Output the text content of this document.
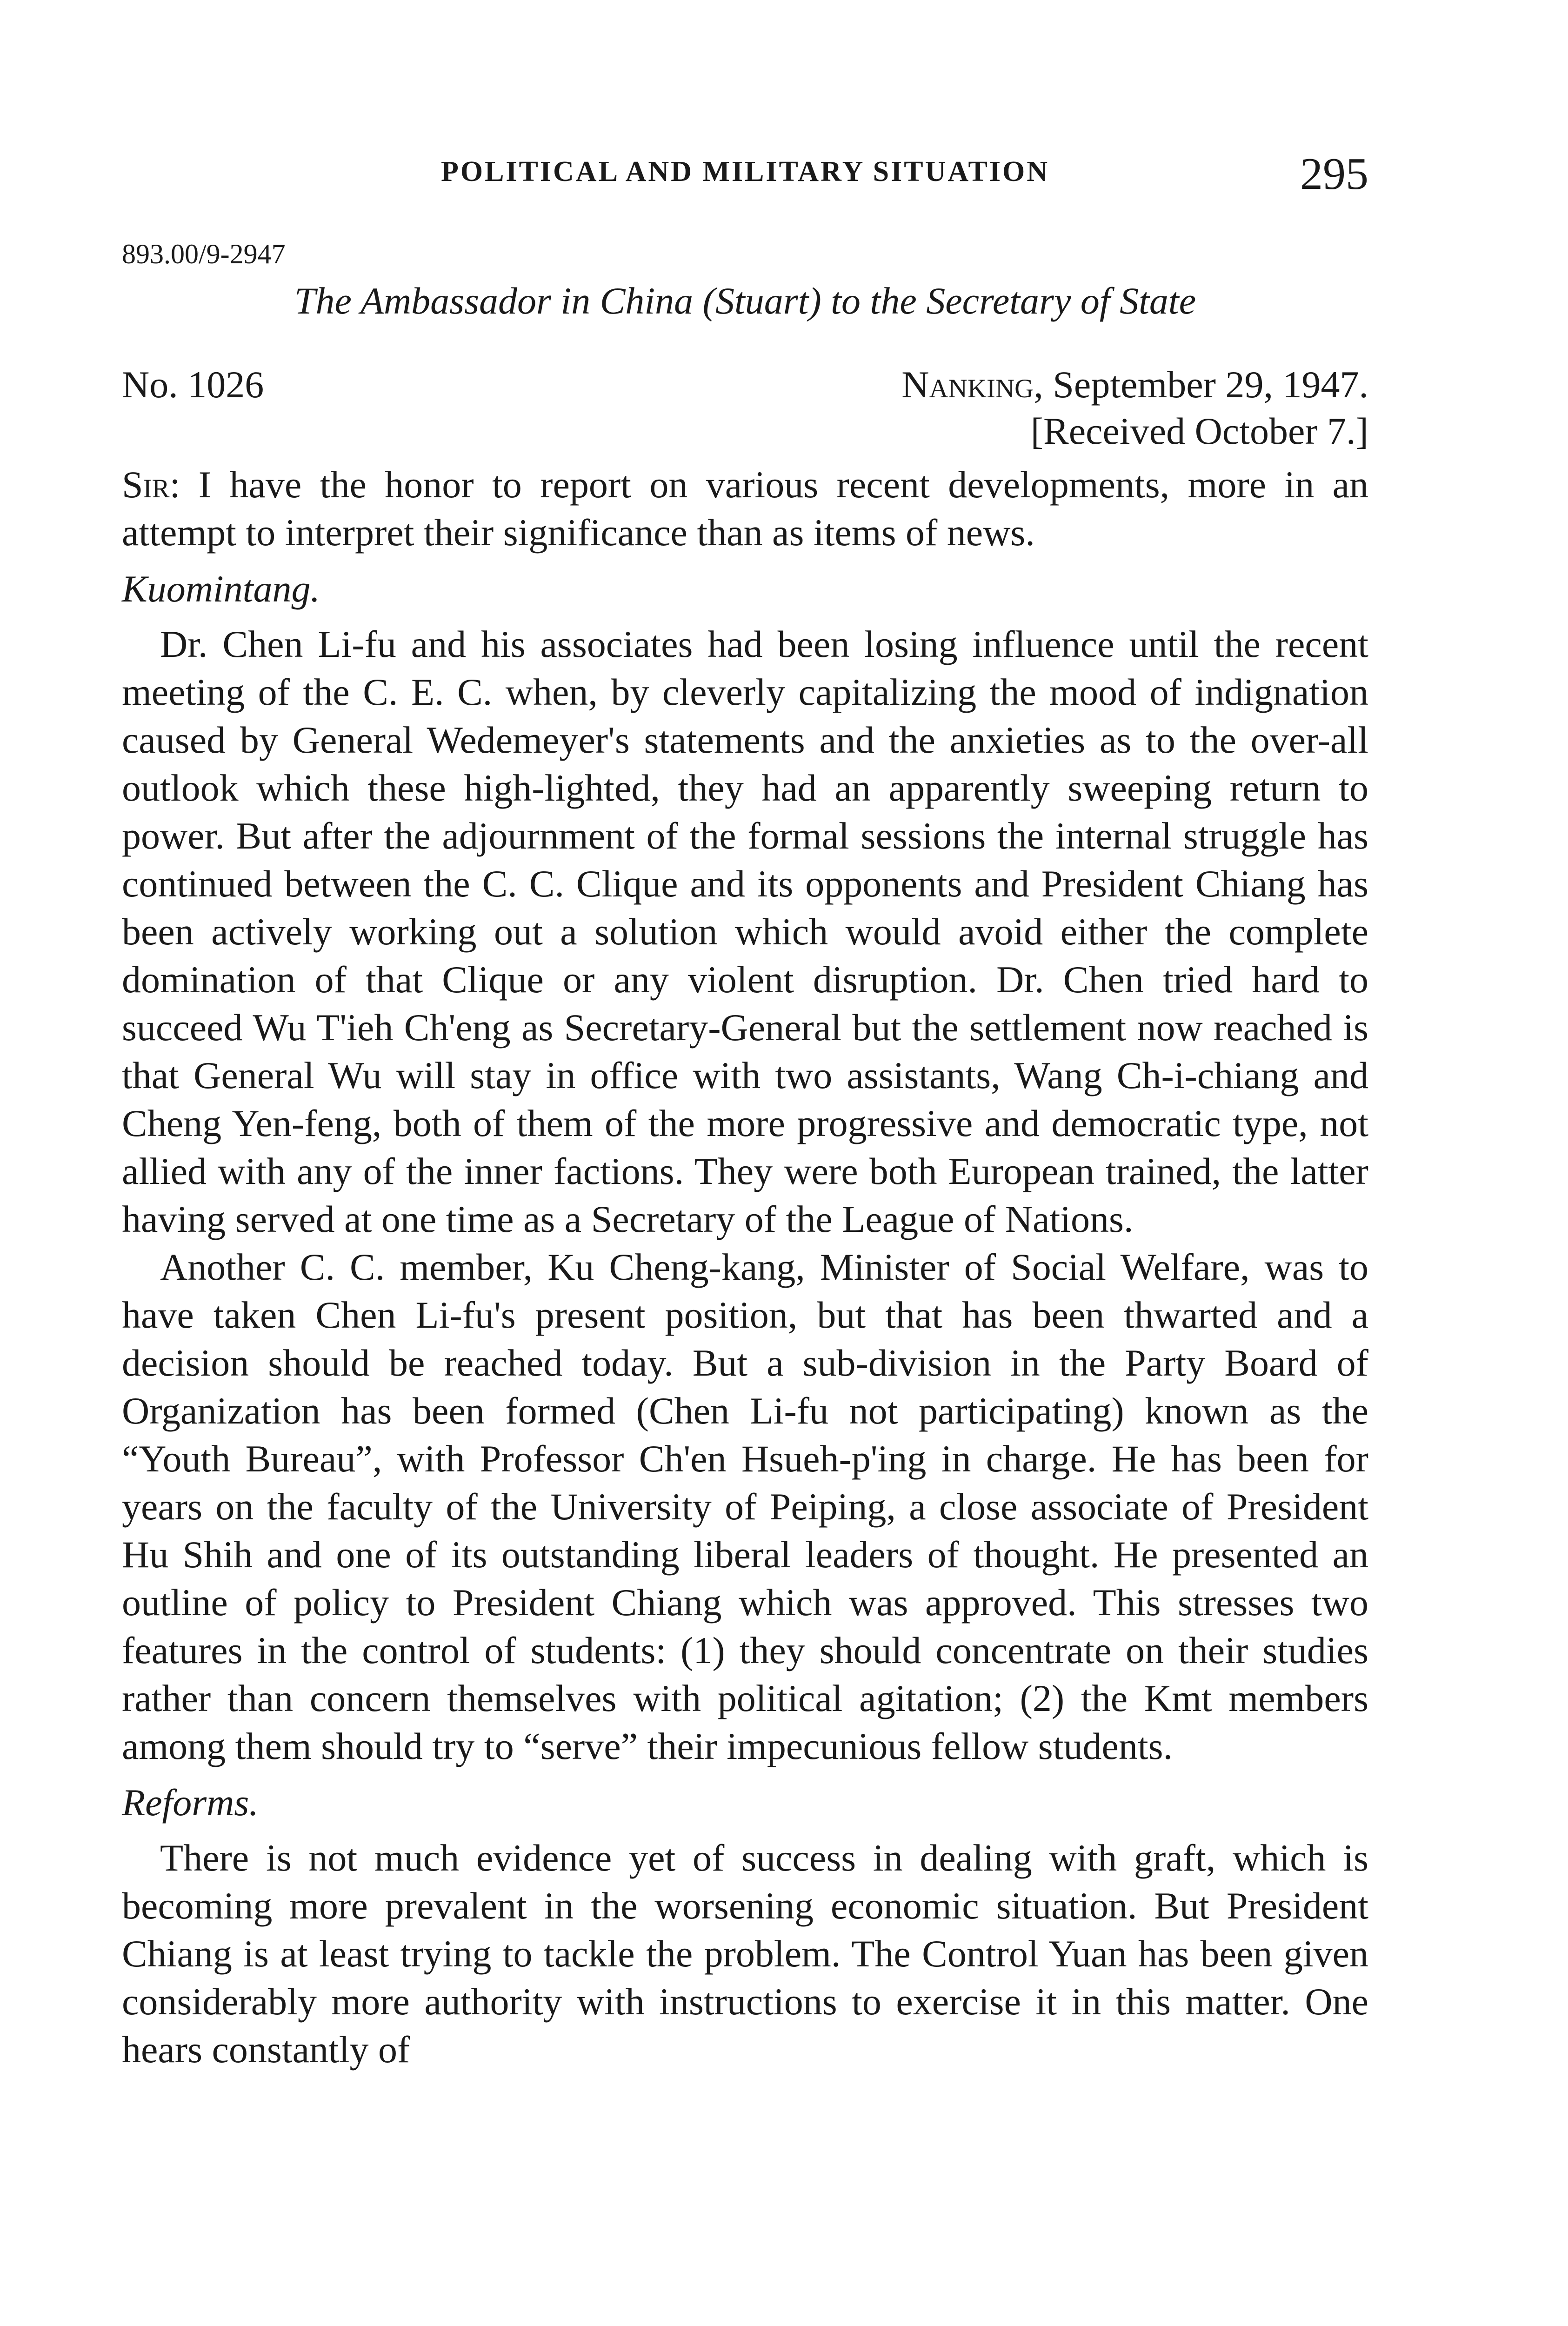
POLITICAL AND MILITARY SITUATION	295
893.00/9-2947
The Ambassador in China (Stuart) to the Secretary of State
No. 1026	Nanking, September 29, 1947.
[Received October 7.]

Sir: I have the honor to report on various recent developments, more in an attempt to interpret their significance than as items of news.

Kuomintang.

Dr. Chen Li-fu and his associates had been losing influence until the recent meeting of the C. E. C. when, by cleverly capitalizing the mood of indignation caused by General Wedemeyer's statements and the anxieties as to the over-all outlook which these high-lighted, they had an apparently sweeping return to power. But after the adjournment of the formal sessions the internal struggle has continued between the C. C. Clique and its opponents and President Chiang has been actively working out a solution which would avoid either the complete domination of that Clique or any violent disruption. Dr. Chen tried hard to succeed Wu T'ieh Ch'eng as Secretary-General but the settlement now reached is that General Wu will stay in office with two assistants, Wang Ch-i-chiang and Cheng Yen-feng, both of them of the more progressive and democratic type, not allied with any of the inner factions. They were both European trained, the latter having served at one time as a Secretary of the League of Nations.

Another C. C. member, Ku Cheng-kang, Minister of Social Welfare, was to have taken Chen Li-fu's present position, but that has been thwarted and a decision should be reached today. But a sub-division in the Party Board of Organization has been formed (Chen Li-fu not participating) known as the “Youth Bureau”, with Professor Ch'en Hsueh-p'ing in charge. He has been for years on the faculty of the University of Peiping, a close associate of President Hu Shih and one of its outstanding liberal leaders of thought. He presented an outline of policy to President Chiang which was approved. This stresses two features in the control of students: (1) they should concentrate on their studies rather than concern themselves with political agitation; (2) the Kmt members among them should try to “serve” their impecunious fellow students.

Reforms.

There is not much evidence yet of success in dealing with graft, which is becoming more prevalent in the worsening economic situation. But President Chiang is at least trying to tackle the problem. The Control Yuan has been given considerably more authority with instructions to exercise it in this matter. One hears constantly of
